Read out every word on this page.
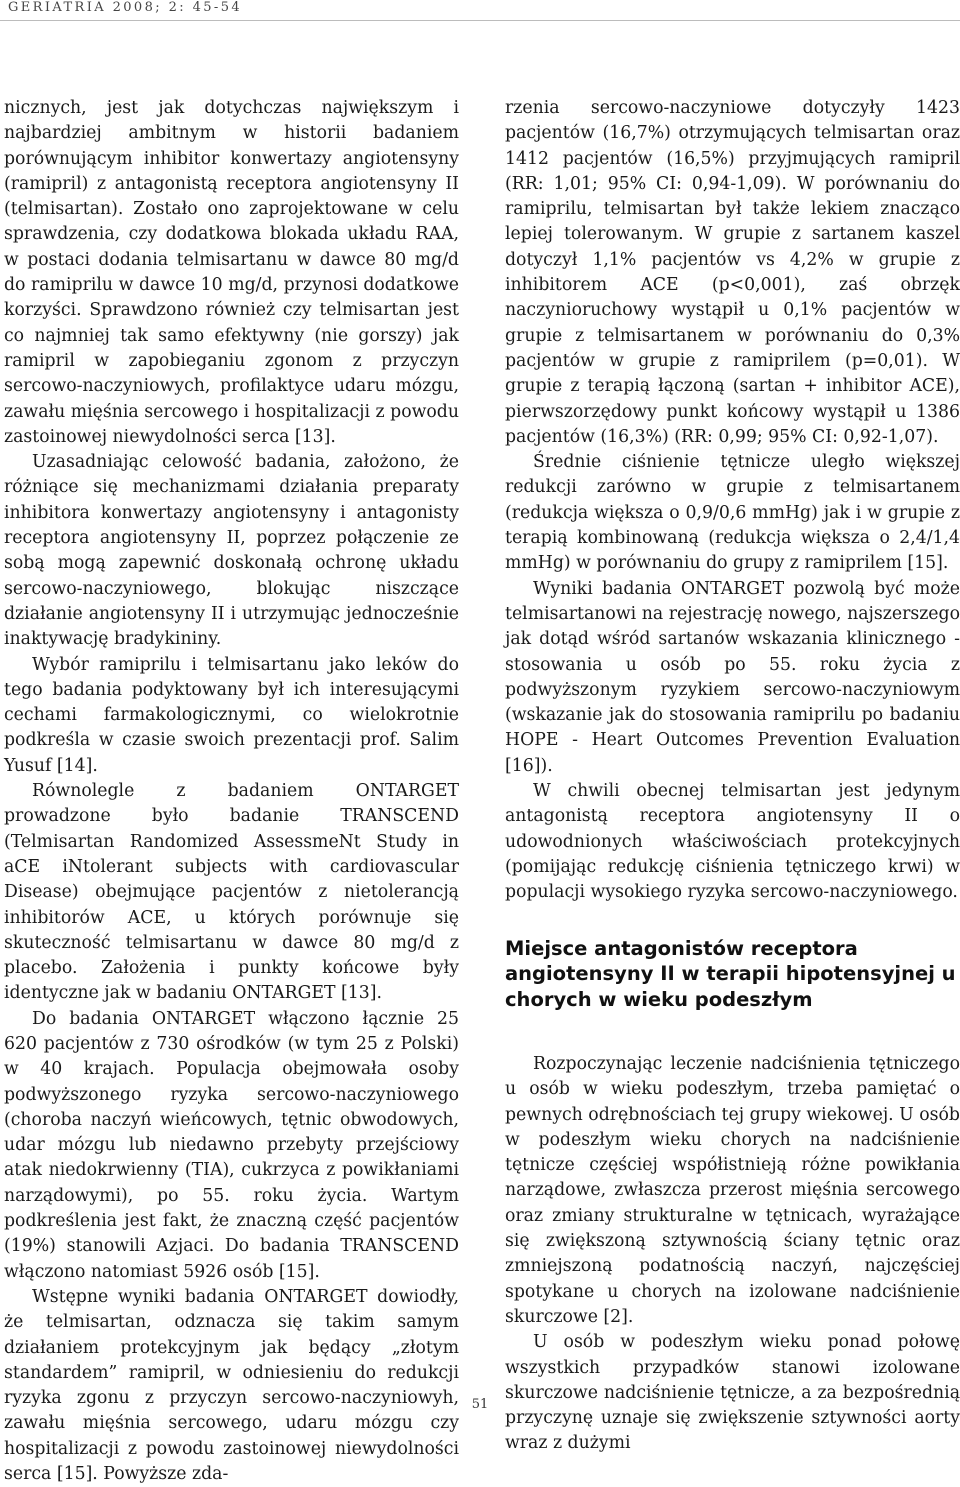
GERIATRIA 2008; 2: 45-54

nicznych, jest jak dotychczas największym i najbardziej ambitnym w historii badaniem porównującym inhibitor konwertazy angiotensyny (ramipril) z antagonistą receptora angiotensyny II (telmisartan). Zostało ono zaprojektowane w celu sprawdzenia, czy dodatkowa blokada układu RAA, w postaci dodania telmisartanu w dawce 80 mg/d do ramiprilu w dawce 10 mg/d, przynosi dodatkowe korzyści. Sprawdzono również czy telmisartan jest co najmniej tak samo efektywny (nie gorszy) jak ramipril w zapobieganiu zgonom z przyczyn sercowo-naczyniowych, profilaktyce udaru mózgu, zawału mięśnia sercowego i hospitalizacji z powodu zastoinowej niewydolności serca [13].

Uzasadniając celowość badania, założono, że różniące się mechanizmami działania preparaty inhibitora konwertazy angiotensyny i antagonisty receptora angiotensyny II, poprzez połączenie ze sobą mogą zapewnić doskonałą ochronę układu sercowo-naczyniowego, blokując niszczące działanie angiotensyny II i utrzymując jednocześnie inaktywację bradykininy.

Wybór ramiprilu i telmisartanu jako leków do tego badania podyktowany był ich interesującymi cechami farmakologicznymi, co wielokrotnie podkreśla w czasie swoich prezentacji prof. Salim Yusuf [14].

Równolegle z badaniem ONTARGET prowadzone było badanie TRANSCEND (Telmisartan Randomized AssessmeNt Study in aCE iNtolerant subjects with cardiovascular Disease) obejmujące pacjentów z nietolerancją inhibitorów ACE, u których porównuje się skuteczność telmisartanu w dawce 80 mg/d z placebo. Założenia i punkty końcowe były identyczne jak w badaniu ONTARGET [13].

Do badania ONTARGET włączono łącznie 25 620 pacjentów z 730 ośrodków (w tym 25 z Polski) w 40 krajach. Populacja obejmowała osoby podwyższonego ryzyka sercowo-naczyniowego (choroba naczyń wieńcowych, tętnic obwodowych, udar mózgu lub niedawno przebyty przejściowy atak niedokrwienny (TIA), cukrzyca z powikłaniami narządowymi), po 55. roku życia. Wartym podkreślenia jest fakt, że znaczną część pacjentów (19%) stanowili Azjaci. Do badania TRANSCEND włączono natomiast 5926 osób [15].

Wstępne wyniki badania ONTARGET dowiodły, że telmisartan, odznacza się takim samym działaniem protekcyjnym jak będący „złotym standardem” ramipril, w odniesieniu do redukcji ryzyka zgonu z przyczyn sercowo-naczyniowyh, zawału mięśnia sercowego, udaru mózgu czy hospitalizacji z powodu zastoinowej niewydolności serca [15]. Powyższe zda-

rzenia sercowo-naczyniowe dotyczyły 1423 pacjentów (16,7%) otrzymujących telmisartan oraz 1412 pacjentów (16,5%) przyjmujących ramipril (RR: 1,01; 95% CI: 0,94-1,09). W porównaniu do ramiprilu, telmisartan był także lekiem znacząco lepiej tolerowanym. W grupie z sartanem kaszel dotyczył 1,1% pacjentów vs 4,2% w grupie z inhibitorem ACE (p<0,001), zaś obrzęk naczynioruchowy wystąpił u 0,1% pacjentów w grupie z telmisartanem w porównaniu do 0,3% pacjentów w grupie z ramiprilem (p=0,01). W grupie z terapią łączoną (sartan + inhibitor ACE), pierwszorzędowy punkt końcowy wystąpił u 1386 pacjentów (16,3%) (RR: 0,99; 95% CI: 0,92-1,07).

Średnie ciśnienie tętnicze uległo większej redukcji zarówno w grupie z telmisartanem (redukcja większa o 0,9/0,6 mmHg) jak i w grupie z terapią kombinowaną (redukcja większa o 2,4/1,4 mmHg) w porównaniu do grupy z ramiprilem [15].

Wyniki badania ONTARGET pozwolą być może telmisartanowi na rejestrację nowego, najszerszego jak dotąd wśród sartanów wskazania klinicznego - stosowania u osób po 55. roku życia z podwyższonym ryzykiem sercowo-naczyniowym (wskazanie jak do stosowania ramiprilu po badaniu HOPE - Heart Outcomes Prevention Evaluation [16]).

W chwili obecnej telmisartan jest jedynym antagonistą receptora angiotensyny II o udowodnionych właściwościach protekcyjnych (pomijając redukcję ciśnienia tętniczego krwi) w populacji wysokiego ryzyka sercowo-naczyniowego.

Miejsce antagonistów receptora angiotensyny II w terapii hipotensyjnej u chorych w wieku podeszłym

Rozpoczynając leczenie nadciśnienia tętniczego u osób w wieku podeszłym, trzeba pamiętać o pewnych odrębnościach tej grupy wiekowej. U osób w podeszłym wieku chorych na nadciśnienie tętnicze częściej współistnieją różne powikłania narządowe, zwłaszcza przerost mięśnia sercowego oraz zmiany strukturalne w tętnicach, wyrażające się zwiększoną sztywnością ściany tętnic oraz zmniejszoną podatnością naczyń, najczęściej spotykane u chorych na izolowane nadciśnienie skurczowe [2].

U osób w podeszłym wieku ponad połowę wszystkich przypadków stanowi izolowane skurczowe nadciśnienie tętnicze, a za bezpośrednią przyczynę uznaje się zwiększenie sztywności aorty wraz z dużymi

51
